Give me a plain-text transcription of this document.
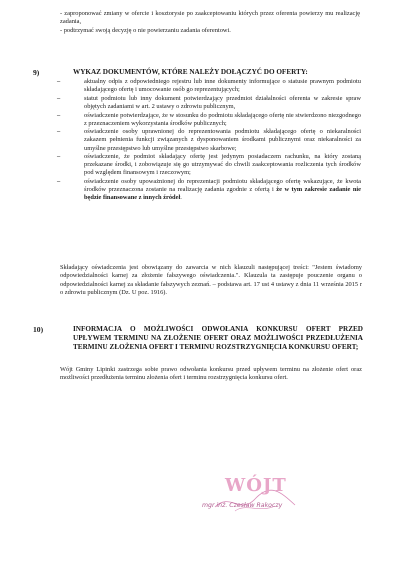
- zaproponować zmiany w ofercie i kosztorysie po zaakceptowaniu których przez oferenta powierzy mu realizację zadania,
- podtrzymać swoją decyzję o nie powierzaniu zadania oferentowi.
9)	WYKAZ DOKUMENTÓW, KTÓRE NALEŻY DOŁĄCZYĆ DO OFERTY:
–	aktualny odpis z odpowiedniego rejestru lub inne dokumenty informujące o statusie prawnym podmiotu składającego ofertę i umocowanie osób go reprezentujących;
–	statut podmiotu lub inny dokument potwierdzający przedmiot działalności oferenta w zakresie spraw objętych zadaniami w art. 2 ustawy o zdrowiu publicznym,
–	oświadczenie potwierdzające, że w stosunku do podmiotu składającego ofertę nie stwierdzono niezgodnego z przeznaczeniem wykorzystania środków publicznych;
–	oświadczenie osoby uprawnionej do reprezentowania podmiotu składającego ofertę o niekaralności zakazem pełnienia funkcji związanych z dysponowaniem środkami publicznymi oraz niekaralności za umyślne przestępstwo lub umyślne przestępstwo skarbowe;
–	oświadczenie, że podmiot składający ofertę jest jedynym posiadaczem rachunku, na który zostaną przekazane środki, i zobowiązuje się go utrzymywać do chwili zaakceptowania rozliczenia tych środków pod względem finansowym i rzeczowym;
–	oświadczenie osoby upoważnionej do reprezentacji podmiotu składającego ofertę wskazujące, że kwota środków przeznaczona zostanie na realizację zadania zgodnie z ofertą i że w tym zakresie zadanie nie będzie finansowane z innych źródeł.
Składający oświadczenia jest obowiązany do zawarcia w nich klauzuli następującej treści: "Jestem świadomy odpowiedzialności karnej za złożenie fałszywego oświadczenia.". Klauzula ta zastępuje pouczenie organu o odpowiedzialności karnej za składanie fałszywych zeznań. – podstawa art. 17 ust 4 ustawy z dnia 11 września 2015 r o zdrowiu publicznym (Dz. U poz. 1916).
10)	INFORMACJA O MOŻLIWOŚCI ODWOŁANIA KONKURSU OFERT PRZED UPŁYWEM TERMINU NA ZŁOŻENIE OFERT ORAZ MOŻLIWOŚCI PRZEDŁUŻENIA TERMINU ZŁOŻENIA OFERT I TERMINU ROZSTRZYGNIĘCIA KONKURSU OFERT;
Wójt Gminy Lipinki zastrzega sobie prawo odwołania konkursu przed upływem terminu na złożenie ofert oraz możliwości przedłużenia terminu złożenia ofert i terminu rozstrzygnięcia konkursu ofert.
WÓJT
mgr inż. Czesław Rakoczy
